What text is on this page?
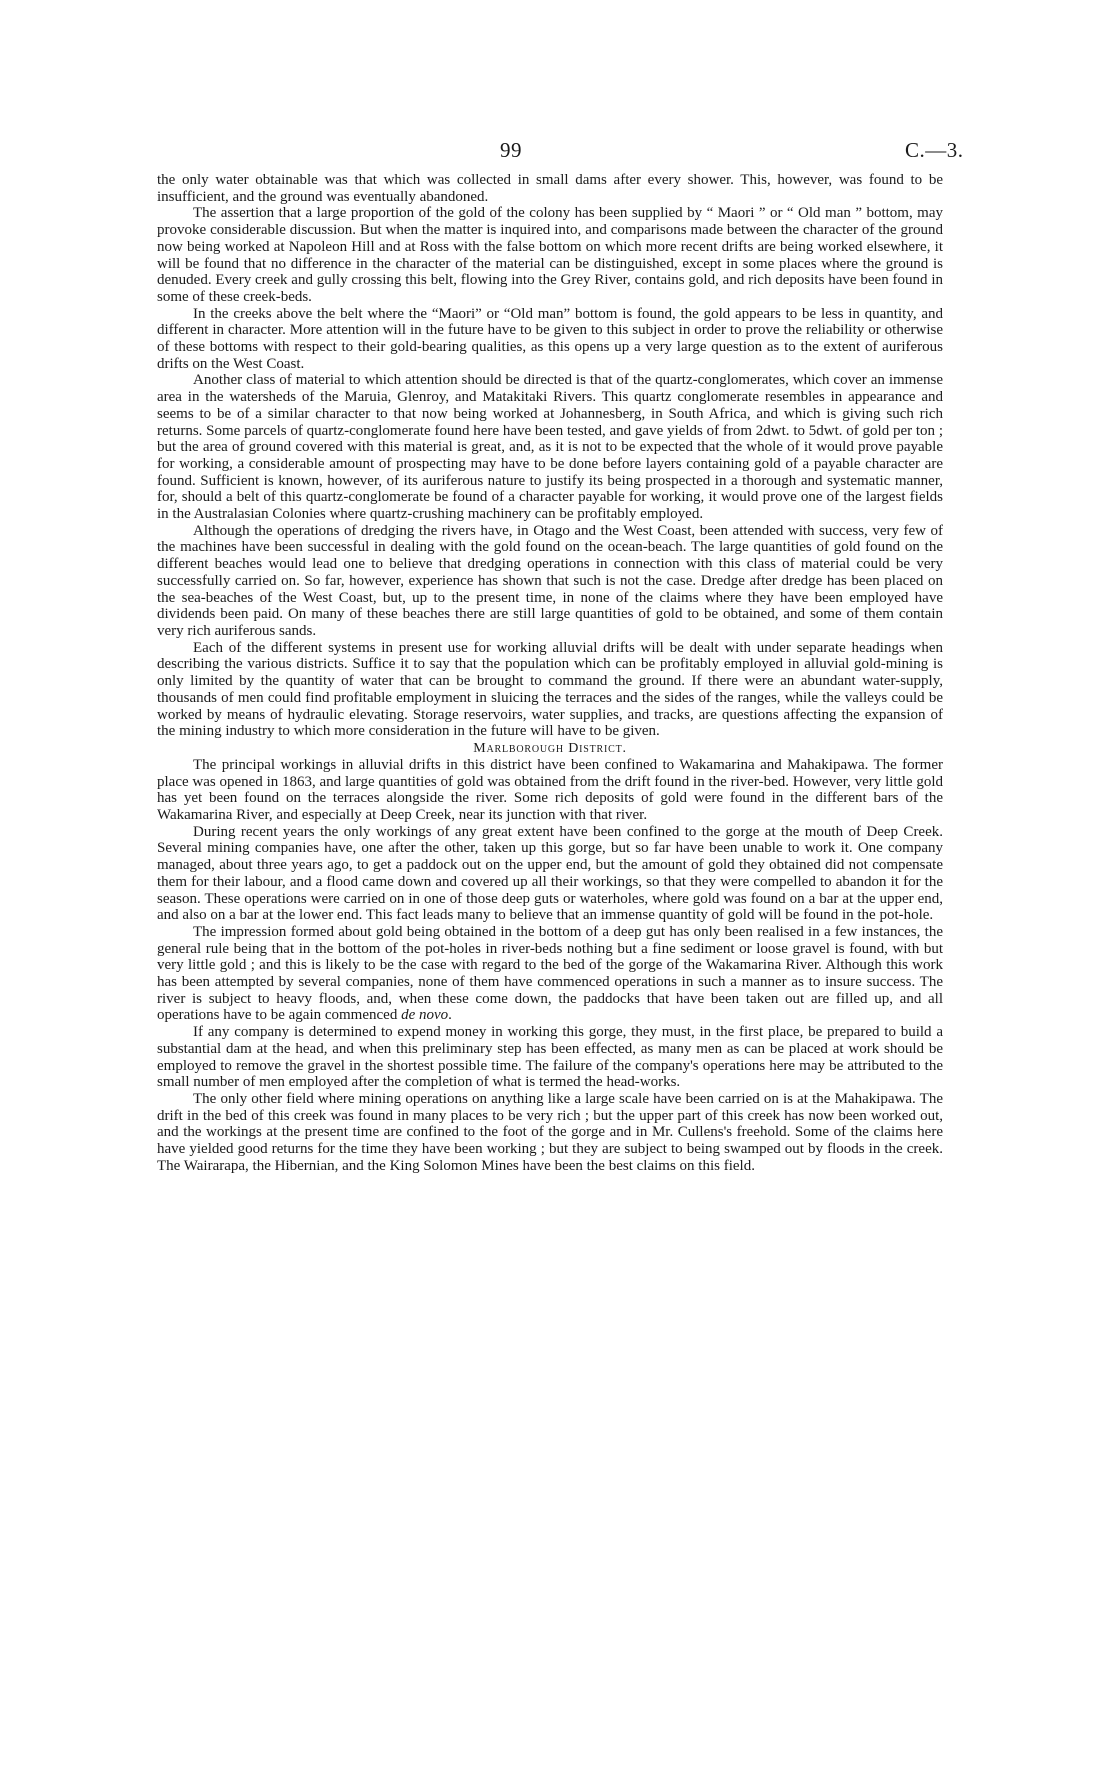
99	C.—3.

the only water obtainable was that which was collected in small dams after every shower. This, however, was found to be insufficient, and the ground was eventually abandoned.

The assertion that a large proportion of the gold of the colony has been supplied by “ Maori ” or “ Old man ” bottom, may provoke considerable discussion. But when the matter is inquired into, and comparisons made between the character of the ground now being worked at Napoleon Hill and at Ross with the false bottom on which more recent drifts are being worked elsewhere, it will be found that no difference in the character of the material can be distinguished, except in some places where the ground is denuded. Every creek and gully crossing this belt, flowing into the Grey River, contains gold, and rich deposits have been found in some of these creek-beds.

In the creeks above the belt where the “Maori” or “Old man” bottom is found, the gold appears to be less in quantity, and different in character. More attention will in the future have to be given to this subject in order to prove the reliability or otherwise of these bottoms with respect to their gold-bearing qualities, as this opens up a very large question as to the extent of auriferous drifts on the West Coast.

Another class of material to which attention should be directed is that of the quartz-conglomerates, which cover an immense area in the watersheds of the Maruia, Glenroy, and Matakitaki Rivers. This quartz conglomerate resembles in appearance and seems to be of a similar character to that now being worked at Johannesberg, in South Africa, and which is giving such rich returns. Some parcels of quartz-conglomerate found here have been tested, and gave yields of from 2dwt. to 5dwt. of gold per ton ; but the area of ground covered with this material is great, and, as it is not to be expected that the whole of it would prove payable for working, a considerable amount of prospecting may have to be done before layers containing gold of a payable character are found. Sufficient is known, however, of its auriferous nature to justify its being prospected in a thorough and systematic manner, for, should a belt of this quartz-conglomerate be found of a character payable for working, it would prove one of the largest fields in the Australasian Colonies where quartz-crushing machinery can be profitably employed.

Although the operations of dredging the rivers have, in Otago and the West Coast, been attended with success, very few of the machines have been successful in dealing with the gold found on the ocean-beach. The large quantities of gold found on the different beaches would lead one to believe that dredging operations in connection with this class of material could be very successfully carried on. So far, however, experience has shown that such is not the case. Dredge after dredge has been placed on the sea-beaches of the West Coast, but, up to the present time, in none of the claims where they have been employed have dividends been paid. On many of these beaches there are still large quantities of gold to be obtained, and some of them contain very rich auriferous sands.

Each of the different systems in present use for working alluvial drifts will be dealt with under separate headings when describing the various districts. Suffice it to say that the population which can be profitably employed in alluvial gold-mining is only limited by the quantity of water that can be brought to command the ground. If there were an abundant water-supply, thousands of men could find profitable employment in sluicing the terraces and the sides of the ranges, while the valleys could be worked by means of hydraulic elevating. Storage reservoirs, water supplies, and tracks, are questions affecting the expansion of the mining industry to which more consideration in the future will have to be given.

Marlborough District.

The principal workings in alluvial drifts in this district have been confined to Wakamarina and Mahakipawa. The former place was opened in 1863, and large quantities of gold was obtained from the drift found in the river-bed. However, very little gold has yet been found on the terraces alongside the river. Some rich deposits of gold were found in the different bars of the Wakamarina River, and especially at Deep Creek, near its junction with that river.

During recent years the only workings of any great extent have been confined to the gorge at the mouth of Deep Creek. Several mining companies have, one after the other, taken up this gorge, but so far have been unable to work it. One company managed, about three years ago, to get a paddock out on the upper end, but the amount of gold they obtained did not compensate them for their labour, and a flood came down and covered up all their workings, so that they were compelled to abandon it for the season. These operations were carried on in one of those deep guts or waterholes, where gold was found on a bar at the upper end, and also on a bar at the lower end. This fact leads many to believe that an immense quantity of gold will be found in the pot-hole.

The impression formed about gold being obtained in the bottom of a deep gut has only been realised in a few instances, the general rule being that in the bottom of the pot-holes in river-beds nothing but a fine sediment or loose gravel is found, with but very little gold ; and this is likely to be the case with regard to the bed of the gorge of the Wakamarina River. Although this work has been attempted by several companies, none of them have commenced operations in such a manner as to insure success. The river is subject to heavy floods, and, when these come down, the paddocks that have been taken out are filled up, and all operations have to be again commenced de novo.

If any company is determined to expend money in working this gorge, they must, in the first place, be prepared to build a substantial dam at the head, and when this preliminary step has been effected, as many men as can be placed at work should be employed to remove the gravel in the shortest possible time. The failure of the company's operations here may be attributed to the small number of men employed after the completion of what is termed the head-works.

The only other field where mining operations on anything like a large scale have been carried on is at the Mahakipawa. The drift in the bed of this creek was found in many places to be very rich ; but the upper part of this creek has now been worked out, and the workings at the present time are confined to the foot of the gorge and in Mr. Cullens's freehold. Some of the claims here have yielded good returns for the time they have been working ; but they are subject to being swamped out by floods in the creek. The Wairarapa, the Hibernian, and the King Solomon Mines have been the best claims on this field.
